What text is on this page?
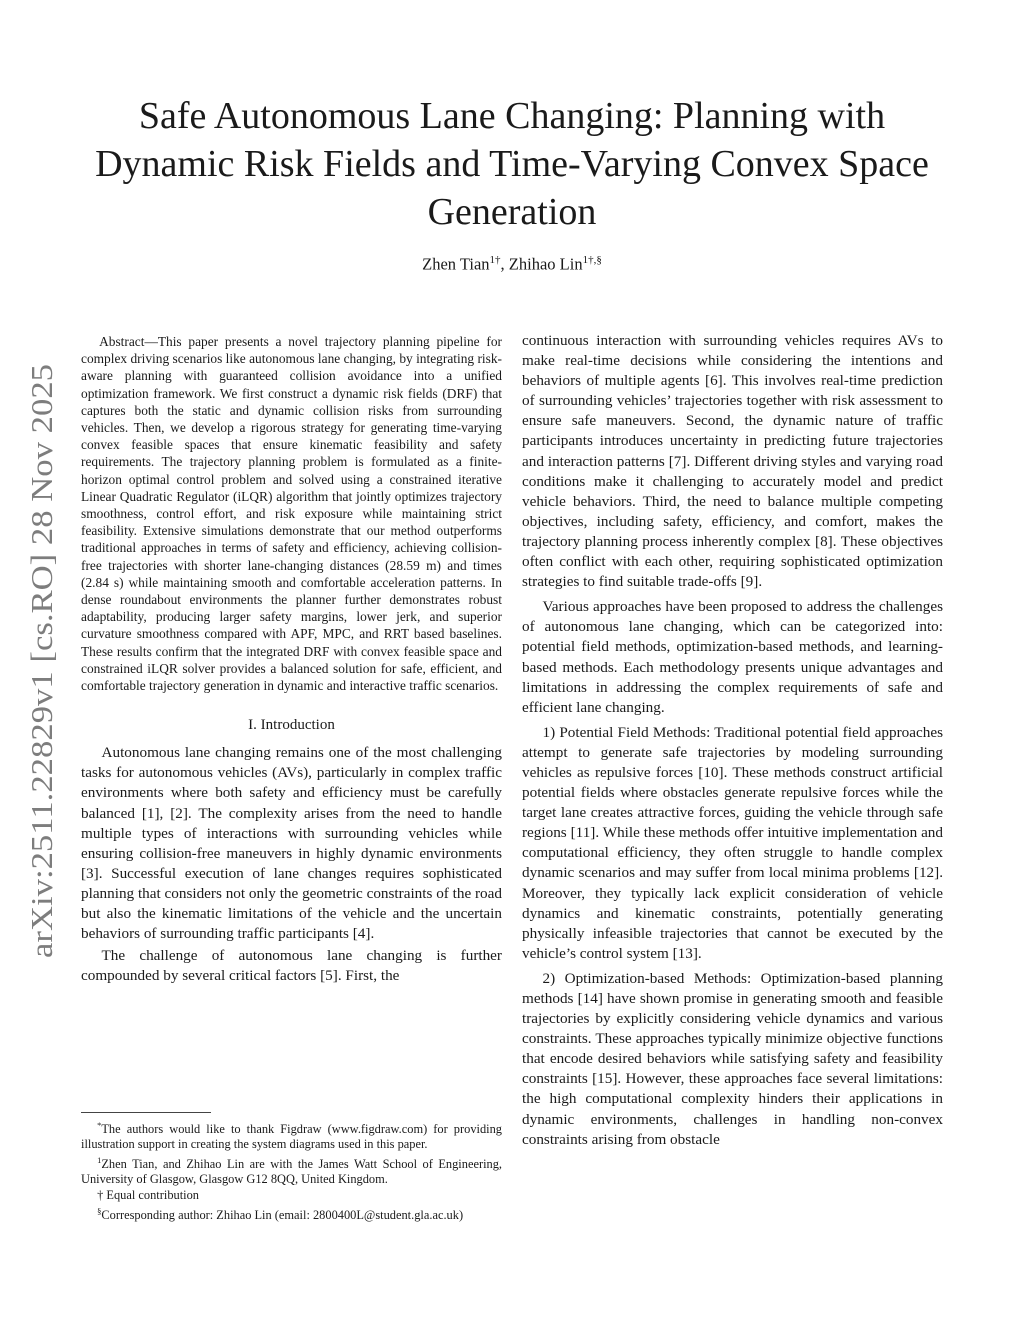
arXiv:2511.22829v1 [cs.RO] 28 Nov 2025
Safe Autonomous Lane Changing: Planning with Dynamic Risk Fields and Time-Varying Convex Space Generation
Zhen Tian$^{1\dagger}$, Zhihao Lin$^{1\dagger,\S}$

Abstract—This paper presents a novel trajectory planning pipeline for complex driving scenarios like autonomous lane changing, by integrating risk-aware planning with guaranteed collision avoidance into a unified optimization framework. We first construct a dynamic risk fields (DRF) that captures both the static and dynamic collision risks from surrounding vehicles. Then, we develop a rigorous strategy for generating time-varying convex feasible spaces that ensure kinematic feasibility and safety requirements. The trajectory planning problem is formulated as a finite-horizon optimal control problem and solved using a constrained iterative Linear Quadratic Regulator (iLQR) algorithm that jointly optimizes trajectory smoothness, control effort, and risk exposure while maintaining strict feasibility. Extensive simulations demonstrate that our method outperforms traditional approaches in terms of safety and efficiency, achieving collision-free trajectories with shorter lane-changing distances (28.59 m) and times (2.84 s) while maintaining smooth and comfortable acceleration patterns. In dense roundabout environments the planner further demonstrates robust adaptability, producing larger safety margins, lower jerk, and superior curvature smoothness compared with APF, MPC, and RRT based baselines. These results confirm that the integrated DRF with convex feasible space and constrained iLQR solver provides a balanced solution for safe, efficient, and comfortable trajectory generation in dynamic and interactive traffic scenarios.

I. Introduction

Autonomous lane changing remains one of the most challenging tasks for autonomous vehicles (AVs), particularly in complex traffic environments where both safety and efficiency must be carefully balanced [1], [2]. The complexity arises from the need to handle multiple types of interactions with surrounding vehicles while ensuring collision-free maneuvers in highly dynamic environments [3]. Successful execution of lane changes requires sophisticated planning that considers not only the geometric constraints of the road but also the kinematic limitations of the vehicle and the uncertain behaviors of surrounding traffic participants [4].

The challenge of autonomous lane changing is further compounded by several critical factors [5]. First, the

*The authors would like to thank Figdraw (www.figdraw.com) for providing illustration support in creating the system diagrams used in this paper.

$^1$Zhen Tian, and Zhihao Lin are with the James Watt School of Engineering, University of Glasgow, Glasgow G12 8QQ, United Kingdom.

† Equal contribution

§Corresponding author: Zhihao Lin (email: 2800400L@student.gla.ac.uk)

continuous interaction with surrounding vehicles requires AVs to make real-time decisions while considering the intentions and behaviors of multiple agents [6]. This involves real-time prediction of surrounding vehicles’ trajectories together with risk assessment to ensure safe maneuvers. Second, the dynamic nature of traffic participants introduces uncertainty in predicting future trajectories and interaction patterns [7]. Different driving styles and varying road conditions make it challenging to accurately model and predict vehicle behaviors. Third, the need to balance multiple competing objectives, including safety, efficiency, and comfort, makes the trajectory planning process inherently complex [8]. These objectives often conflict with each other, requiring sophisticated optimization strategies to find suitable trade-offs [9].

Various approaches have been proposed to address the challenges of autonomous lane changing, which can be categorized into: potential field methods, optimization-based methods, and learning-based methods. Each methodology presents unique advantages and limitations in addressing the complex requirements of safe and efficient lane changing.

1) Potential Field Methods: Traditional potential field approaches attempt to generate safe trajectories by modeling surrounding vehicles as repulsive forces [10]. These methods construct artificial potential fields where obstacles generate repulsive forces while the target lane creates attractive forces, guiding the vehicle through safe regions [11]. While these methods offer intuitive implementation and computational efficiency, they often struggle to handle complex dynamic scenarios and may suffer from local minima problems [12]. Moreover, they typically lack explicit consideration of vehicle dynamics and kinematic constraints, potentially generating physically infeasible trajectories that cannot be executed by the vehicle’s control system [13].

2) Optimization-based Methods: Optimization-based planning methods [14] have shown promise in generating smooth and feasible trajectories by explicitly considering vehicle dynamics and various constraints. These approaches typically minimize objective functions that encode desired behaviors while satisfying safety and feasibility constraints [15]. However, these approaches face several limitations: the high computational complexity hinders their applications in dynamic environments, challenges in handling non-convex constraints arising from obstacle
